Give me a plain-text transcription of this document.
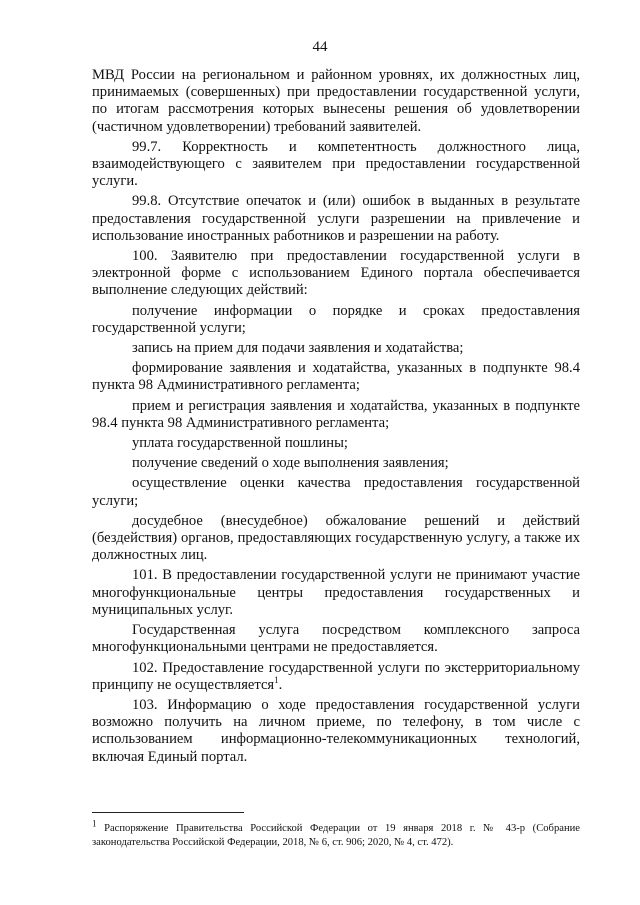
44

МВД России на региональном и районном уровнях, их должностных лиц, принимаемых (совершенных) при предоставлении государственной услуги, по итогам рассмотрения которых вынесены решения об удовлетворении (частичном удовлетворении) требований заявителей.

99.7. Корректность и компетентность должностного лица, взаимодействующего с заявителем при предоставлении государственной услуги.

99.8. Отсутствие опечаток и (или) ошибок в выданных в результате предоставления государственной услуги разрешении на привлечение и использование иностранных работников и разрешении на работу.

100. Заявителю при предоставлении государственной услуги в электронной форме с использованием Единого портала обеспечивается выполнение следующих действий:

получение информации о порядке и сроках предоставления государственной услуги;

запись на прием для подачи заявления и ходатайства;

формирование заявления и ходатайства, указанных в подпункте 98.4 пункта 98 Административного регламента;

прием и регистрация заявления и ходатайства, указанных в подпункте 98.4 пункта 98 Административного регламента;

уплата государственной пошлины;

получение сведений о ходе выполнения заявления;

осуществление оценки качества предоставления государственной услуги;

досудебное (внесудебное) обжалование решений и действий (бездействия) органов, предоставляющих государственную услугу, а также их должностных лиц.

101. В предоставлении государственной услуги не принимают участие многофункциональные центры предоставления государственных и муниципальных услуг.

Государственная услуга посредством комплексного запроса многофункциональными центрами не предоставляется.

102. Предоставление государственной услуги по экстерриториальному принципу не осуществляется$^1$.

103. Информацию о ходе предоставления государственной услуги возможно получить на личном приеме, по телефону, в том числе с использованием информационно-телекоммуникационных технологий, включая Единый портал.

$^1$ Распоряжение Правительства Российской Федерации от 19 января 2018 г. № 43-р (Собрание законодательства Российской Федерации, 2018, № 6, ст. 906; 2020, № 4, ст. 472).
